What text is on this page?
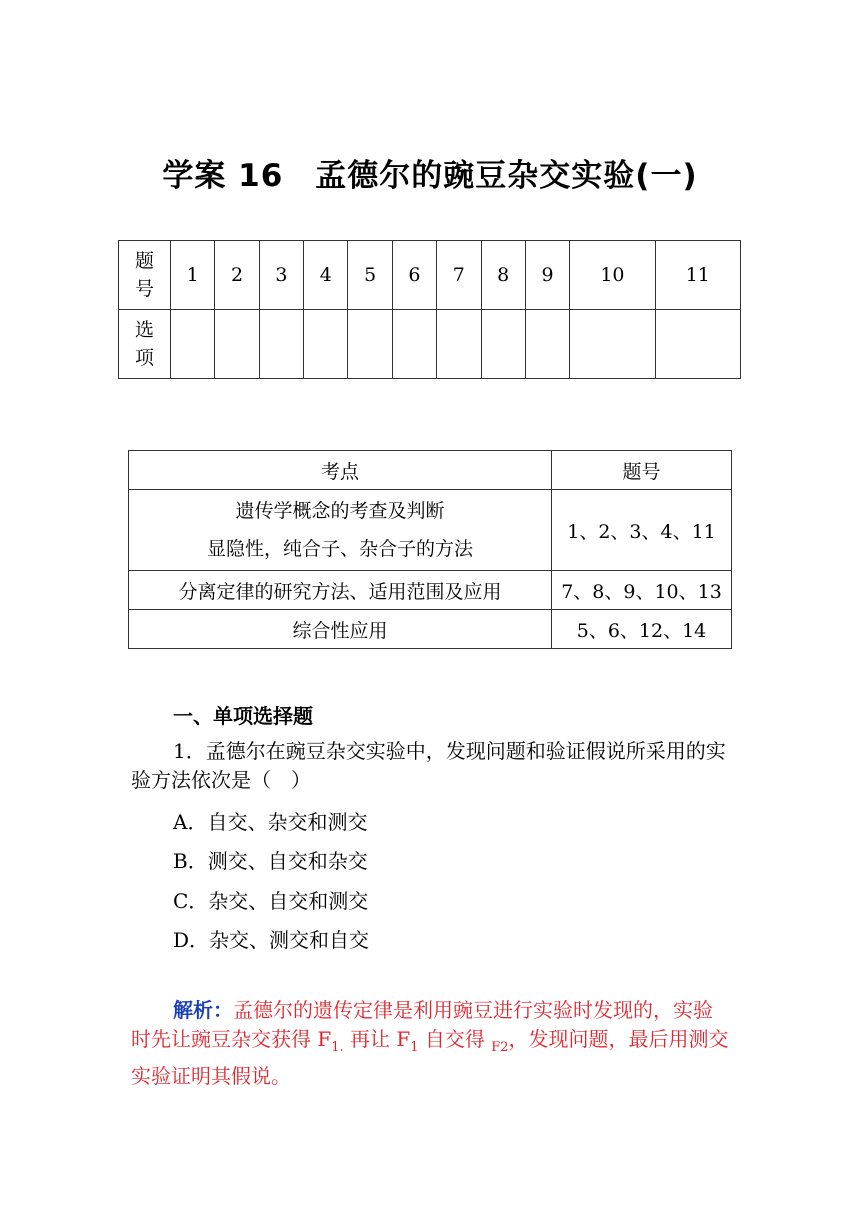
学案 16　孟德尔的豌豆杂交实验(一)
题
号	1	2	3	4	5	6	7	8	9	10	11

选
项											

考点	题号

遗传学概念的考查及判断
显隐性，纯合子、杂合子的方法	1、2、3、4、11
分离定律的研究方法、适用范围及应用	7、8、9、10、13
综合性应用	5、6、12、14
一、单项选择题
1．孟德尔在豌豆杂交实验中，发现问题和验证假说所采用的实验方法依次是（　）
A．自交、杂交和测交
B．测交、自交和杂交
C．杂交、自交和测交
D．杂交、测交和自交
解析：孟德尔的遗传定律是利用豌豆进行实验时发现的，实验时先让豌豆杂交获得 $F_{1.}$ 再让 $F_1$ 自交得 $_{F2}$，发现问题，最后用测交实验证明其假说。
